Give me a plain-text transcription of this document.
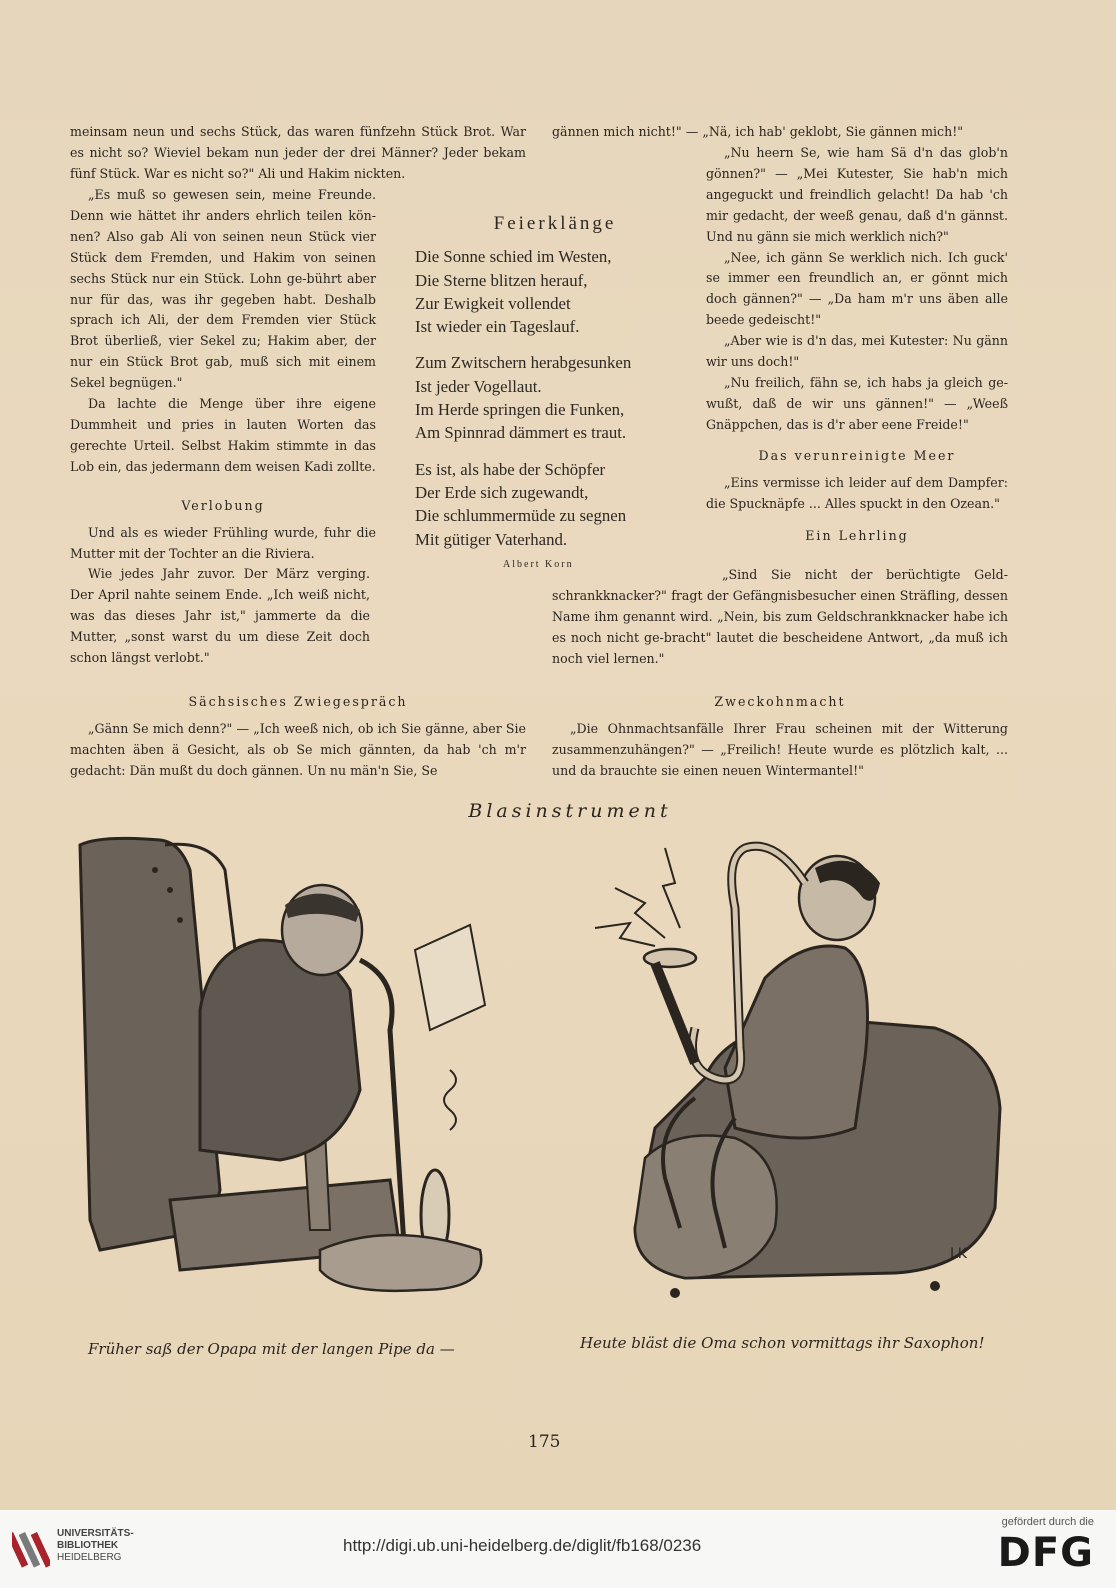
meinsam neun und sechs Stück, das waren fünfzehn Stück Brot. War es nicht so? Wieviel bekam nun jeder der drei Männer? Jeder bekam fünf Stück. War es nicht so?" Ali und Hakim nickten.

„Es muß so gewesen sein, meine Freunde. Denn wie hättet ihr anders ehrlich teilen kön-nen? Also gab Ali von seinen neun Stück vier Stück dem Fremden, und Hakim von seinen sechs Stück nur ein Stück. Lohn ge-bührt aber nur für das, was ihr gegeben habt. Deshalb sprach ich Ali, der dem Fremden vier Stück Brot überließ, vier Sekel zu; Hakim aber, der nur ein Stück Brot gab, muß sich mit einem Sekel begnügen."

Da lachte die Menge über ihre eigene Dummheit und pries in lauten Worten das gerechte Urteil. Selbst Hakim stimmte in das Lob ein, das jedermann dem weisen Kadi zollte.

Verlobung

Und als es wieder Frühling wurde, fuhr die Mutter mit der Tochter an die Riviera.

Wie jedes Jahr zuvor. Der März verging. Der April nahte seinem Ende. „Ich weiß nicht, was das dieses Jahr ist," jammerte da die Mutter, „sonst warst du um diese Zeit doch schon längst verlobt."

Feierklänge
Die Sonne schied im Westen,
Die Sterne blitzen herauf,
Zur Ewigkeit vollendet
Ist wieder ein Tageslauf.
Zum Zwitschern herabgesunken
Ist jeder Vogellaut.
Im Herde springen die Funken,
Am Spinnrad dämmert es traut.
Es ist, als habe der Schöpfer
Der Erde sich zugewandt,
Die schlummermüde zu segnen
Mit gütiger Vaterhand.
Albert Korn

gännen mich nicht!" — „Nä, ich hab' geklobt, Sie gännen mich!"

„Nu heern Se, wie ham Sä d'n das glob'n gönnen?" — „Mei Kutester, Sie hab'n mich angeguckt und freindlich gelacht! Da hab 'ch mir gedacht, der weeß genau, daß d'n gännst. Und nu gänn sie mich werklich nich?"

„Nee, ich gänn Se werklich nich. Ich guck' se immer een freundlich an, er gönnt mich doch gännen?" — „Da ham m'r uns äben alle beede gedeischt!"

„Aber wie is d'n das, mei Kutester: Nu gänn wir uns doch!"

„Nu freilich, fähn se, ich habs ja gleich ge-wußt, daß de wir uns gännen!" — „Weeß Gnäppchen, das is d'r aber eene Freide!"

Das verunreinigte Meer

„Eins vermisse ich leider auf dem Dampfer: die Spucknäpfe ... Alles spuckt in den Ozean."

Ein Lehrling

„Sind Sie nicht der berüchtigte Geld-schrankknacker?" fragt der Gefängnisbesucher einen Sträfling, dessen Name ihm genannt wird. „Nein, bis zum Geldschrankknacker habe ich es noch nicht ge-bracht" lautet die bescheidene Antwort, „da muß ich noch viel lernen."

Sächsisches Zwiegespräch	Zweckohnmacht
„Gänn Se mich denn?" — „Ich weeß nich, ob ich Sie gänne, aber Sie machten äben ä Gesicht, als ob Se mich gännten, da hab 'ch m'r gedacht: Dän mußt du doch gännen. Un nu män'n Sie, Se
„Die Ohnmachtsanfälle Ihrer Frau scheinen mit der Witterung zusammenzuhängen?" — „Freilich! Heute wurde es plötzlich kalt, ... und da brauchte sie einen neuen Wintermantel!"
Blasinstrument
LK
Früher saß der Opapa mit der langen Pipe da —	Heute bläst die Oma schon vormittags ihr Saxophon!
175
UNIVERSITÄTS-
BIBLIOTHEK
HEIDELBERG
http://digi.ub.uni-heidelberg.de/diglit/fb168/0236
gefördert durch die
DFG
